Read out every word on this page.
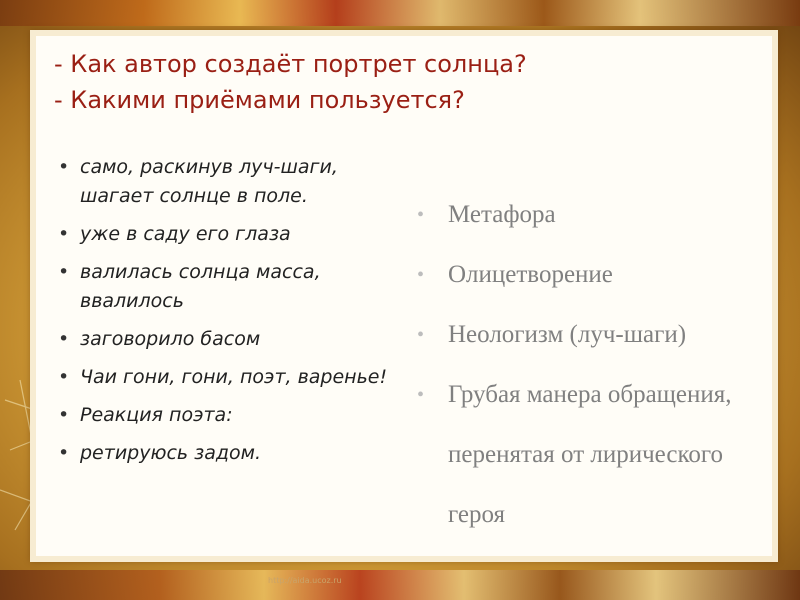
- Как автор создаёт портрет солнца?
- Какими приёмами пользуется?
• само, раскинув луч-шаги, шагает солнце в поле.
• уже в саду его глаза
• валилась солнца масса, ввалилось
• заговорило басом
• Чаи гони, гони, поэт, варенье!
• Реакция поэта:
• ретируюсь задом.
• Метафора
• Олицетворение
• Неологизм (луч-шаги)
• Грубая манера обращения, перенятая от лирического героя
http://aida.ucoz.ru
